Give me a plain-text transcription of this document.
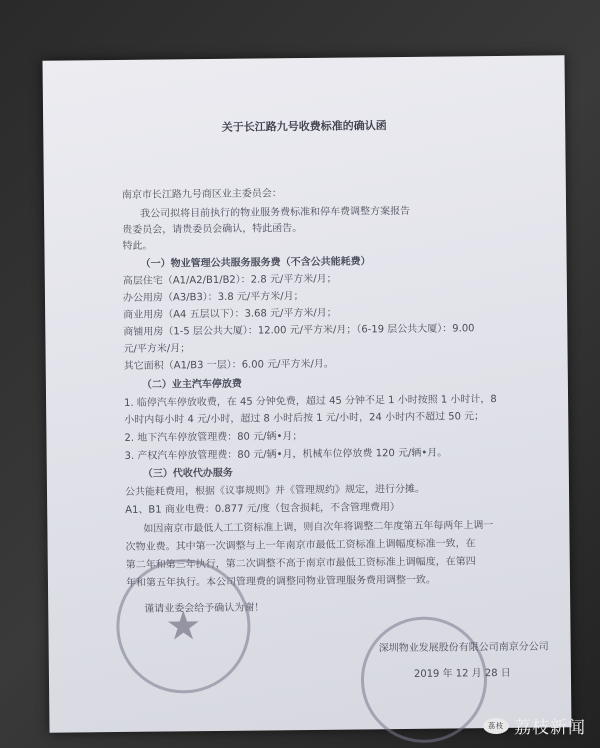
关于长江路九号收费标准的确认函
南京市长江路九号商区业主委员会：
我公司拟将目前执行的物业服务费标准和停车费调整方案报告
贵委员会，请贵委员会确认，特此函告。
特此。
（一）物业管理公共服务服务费（不含公共能耗费）
高层住宅（A1/A2/B1/B2）：2.8 元/平方米/月；
办公用房（A3/B3）：3.8 元/平方米/月；
商业用房（A4 五层以下）：3.68 元/平方米/月；
商铺用房（1-5 层公共大厦）：12.00 元/平方米/月；（6-19 层公共大厦）：9.00
元/平方米/月；
其它面积（A1/B3 一层）：6.00 元/平方米/月。
（二）业主汽车停放费
1. 临停汽车停放收费，在 45 分钟免费，超过 45 分钟不足 1 小时按照 1 小时计，8
小时内每小时 4 元/小时，超过 8 小时后按 1 元/小时，24 小时内不超过 50 元；
2. 地下汽车停放管理费：80 元/辆•月；
3. 产权汽车停放管理费：80 元/辆•月，机械车位停放费 120 元/辆•月。
（三）代收代办服务
公共能耗费用，根据《议事规则》并《管理规约》规定，进行分摊。
A1、B1 商业电费：0.877 元/度（包含损耗，不含管理费用）
如因南京市最低人工工资标准上调，则自次年将调整二年度第五年每两年上调一
次物业费。其中第一次调整与上一年南京市最低工资标准上调幅度标准一致，在
第二年和第三年执行，第二次调整不高于南京市最低工资标准上调幅度，在第四
年和第五年执行。本公司管理费的调整同物业管理服务费用调整一致。
谨请业委会给予确认为谢！
★	深圳物业发展股份有限公司南京分公司
2019 年 12 月 28 日
荔枝 荔枝新闻
